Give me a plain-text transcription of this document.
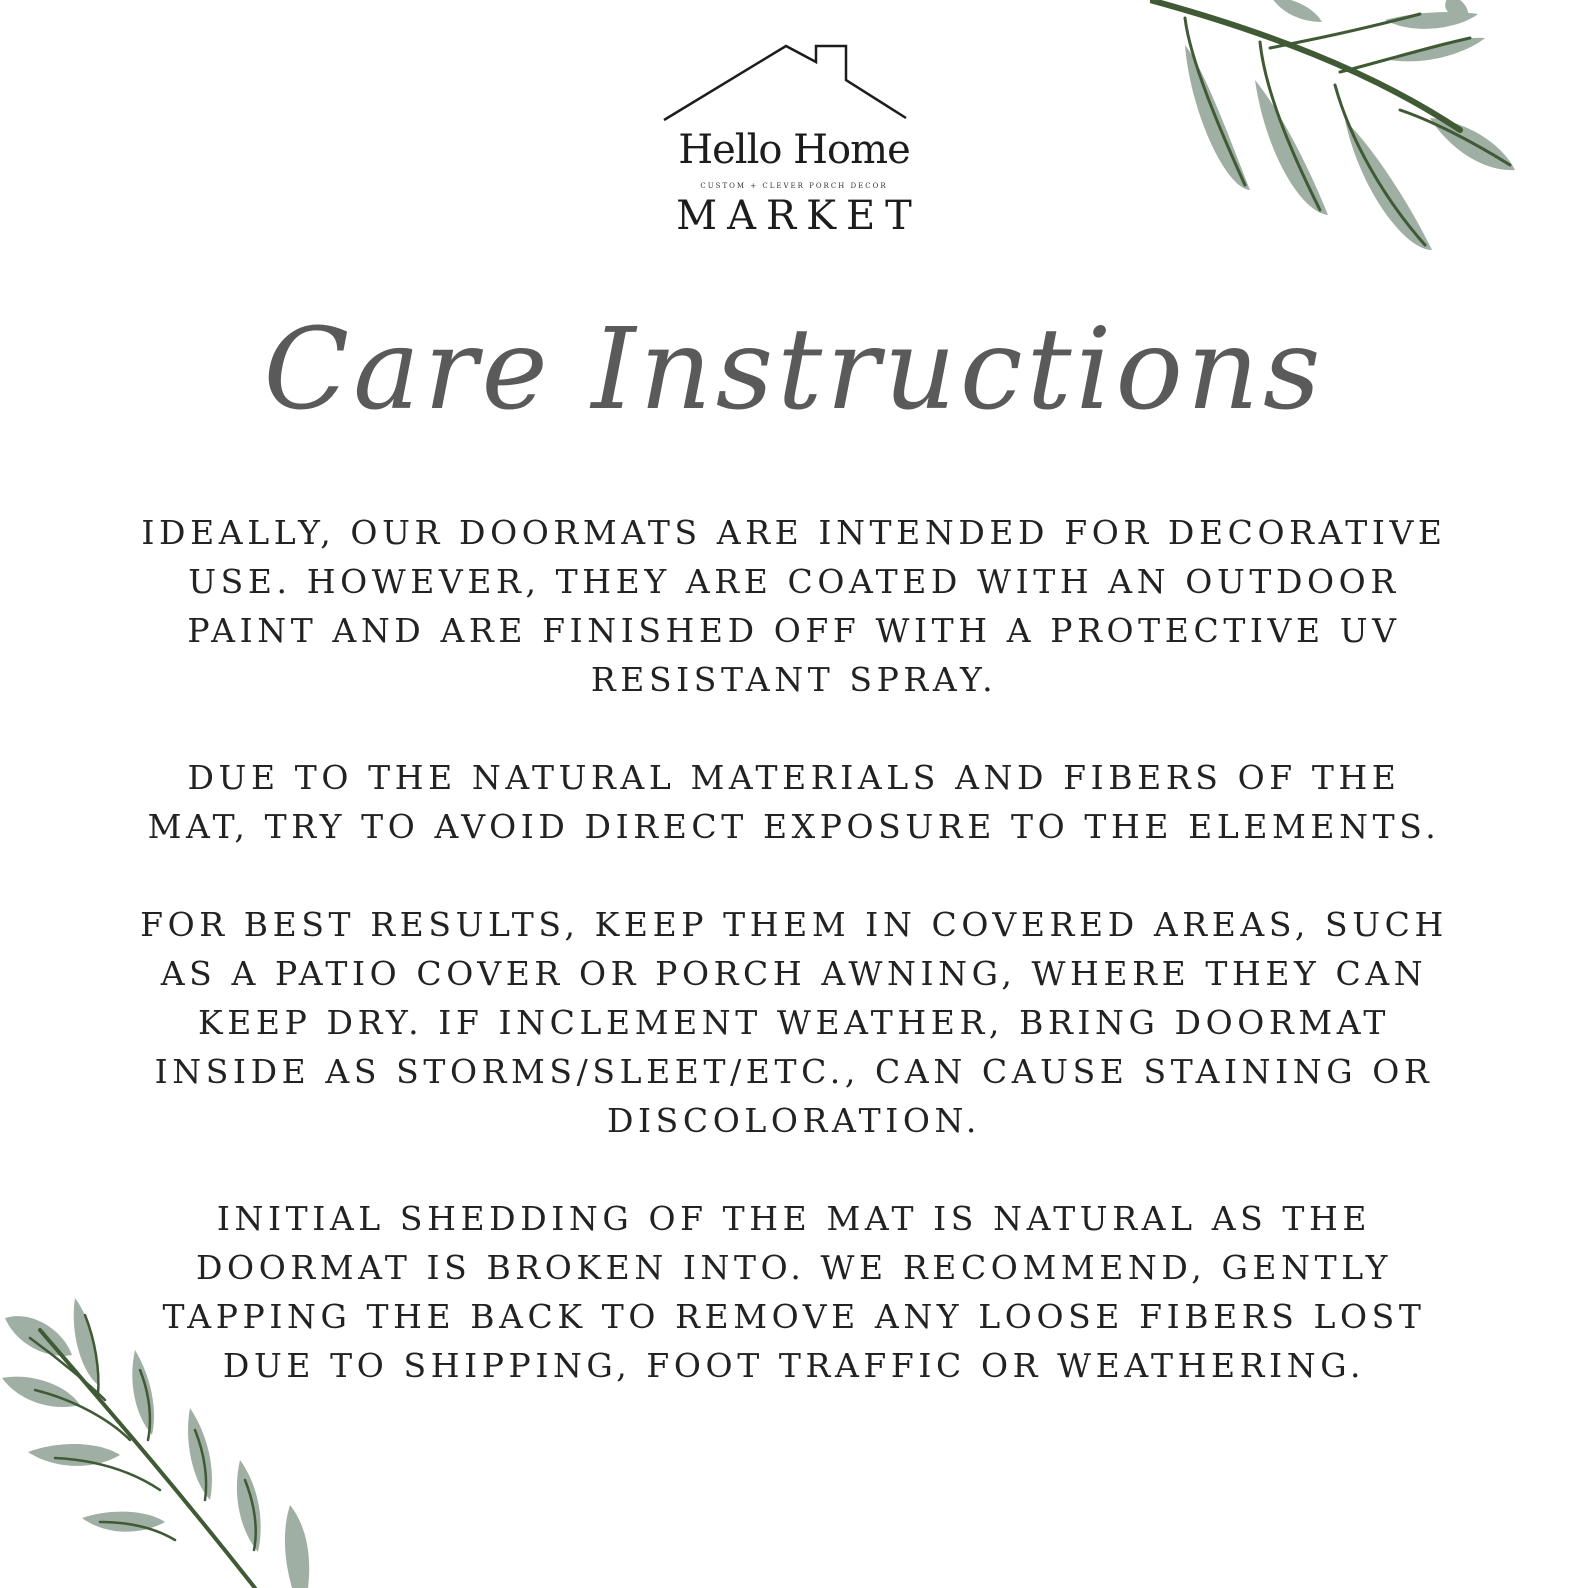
Hello Home
CUSTOM + CLEVER PORCH DECOR
MARKET
Care Instructions

IDEALLY, OUR DOORMATS ARE INTENDED FOR DECORATIVE
USE. HOWEVER, THEY ARE COATED WITH AN OUTDOOR
PAINT AND ARE FINISHED OFF WITH A PROTECTIVE UV
RESISTANT SPRAY.

DUE TO THE NATURAL MATERIALS AND FIBERS OF THE
MAT, TRY TO AVOID DIRECT EXPOSURE TO THE ELEMENTS.

FOR BEST RESULTS, KEEP THEM IN COVERED AREAS, SUCH
AS A PATIO COVER OR PORCH AWNING, WHERE THEY CAN
KEEP DRY. IF INCLEMENT WEATHER, BRING DOORMAT
INSIDE AS STORMS/SLEET/ETC., CAN CAUSE STAINING OR
DISCOLORATION.

INITIAL SHEDDING OF THE MAT IS NATURAL AS THE
DOORMAT IS BROKEN INTO. WE RECOMMEND, GENTLY
TAPPING THE BACK TO REMOVE ANY LOOSE FIBERS LOST
DUE TO SHIPPING, FOOT TRAFFIC OR WEATHERING.
